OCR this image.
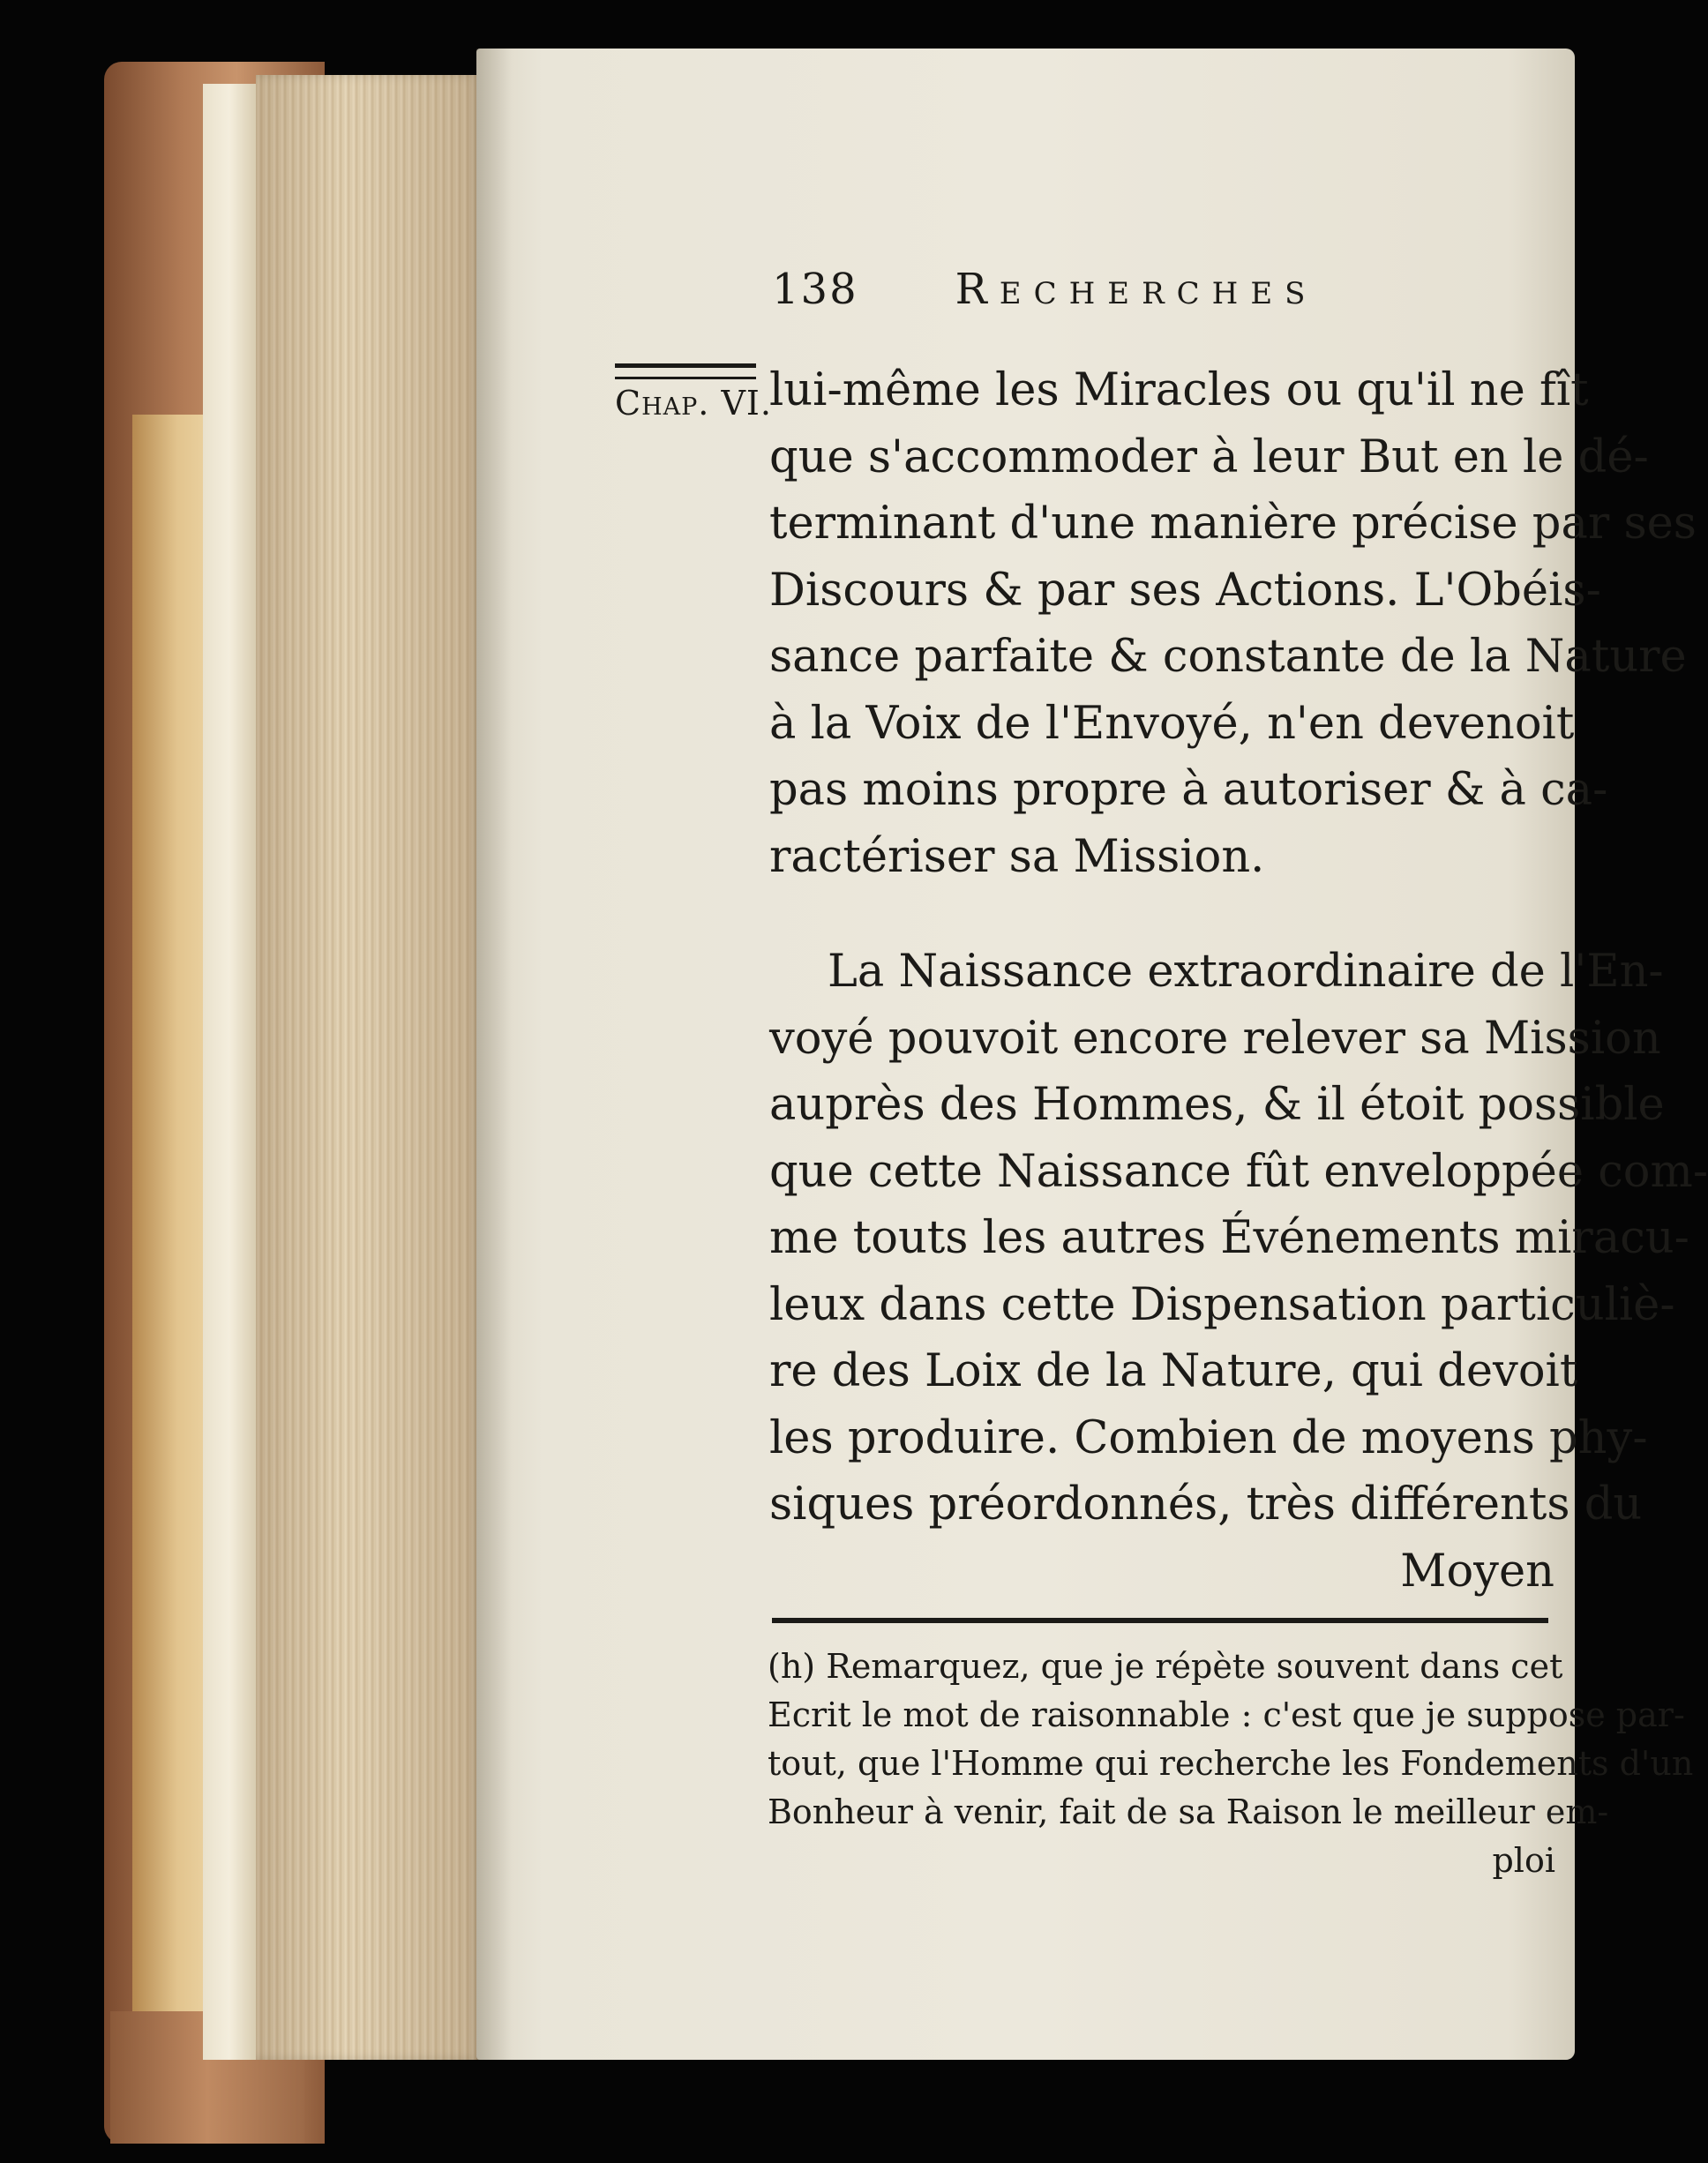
138 Recherches
Chap. VI.
lui-même les Miracles ou qu'il ne fît
que s'accommoder à leur But en le dé-
terminant d'une manière précise par ses
Discours & par ses Actions. L'Obéis-
sance parfaite & constante de la Nature
à la Voix de l'Envoyé, n'en devenoit
pas moins propre à autoriser & à ca-
ractériser sa Mission.
La Naissance extraordinaire de l'En-
voyé pouvoit encore relever sa Mission
auprès des Hommes, & il étoit possible
que cette Naissance fût enveloppée com-
me touts les autres Événements miracu-
leux dans cette Dispensation particuliè-
re des Loix de la Nature, qui devoit
les produire. Combien de moyens phy-
siques préordonnés, très différents du
Moyen
(h) Remarquez, que je répète souvent dans cet
Ecrit le mot de raisonnable : c'est que je suppose par-
tout, que l'Homme qui recherche les Fondements d'un
Bonheur à venir, fait de sa Raison le meilleur em-
ploi
